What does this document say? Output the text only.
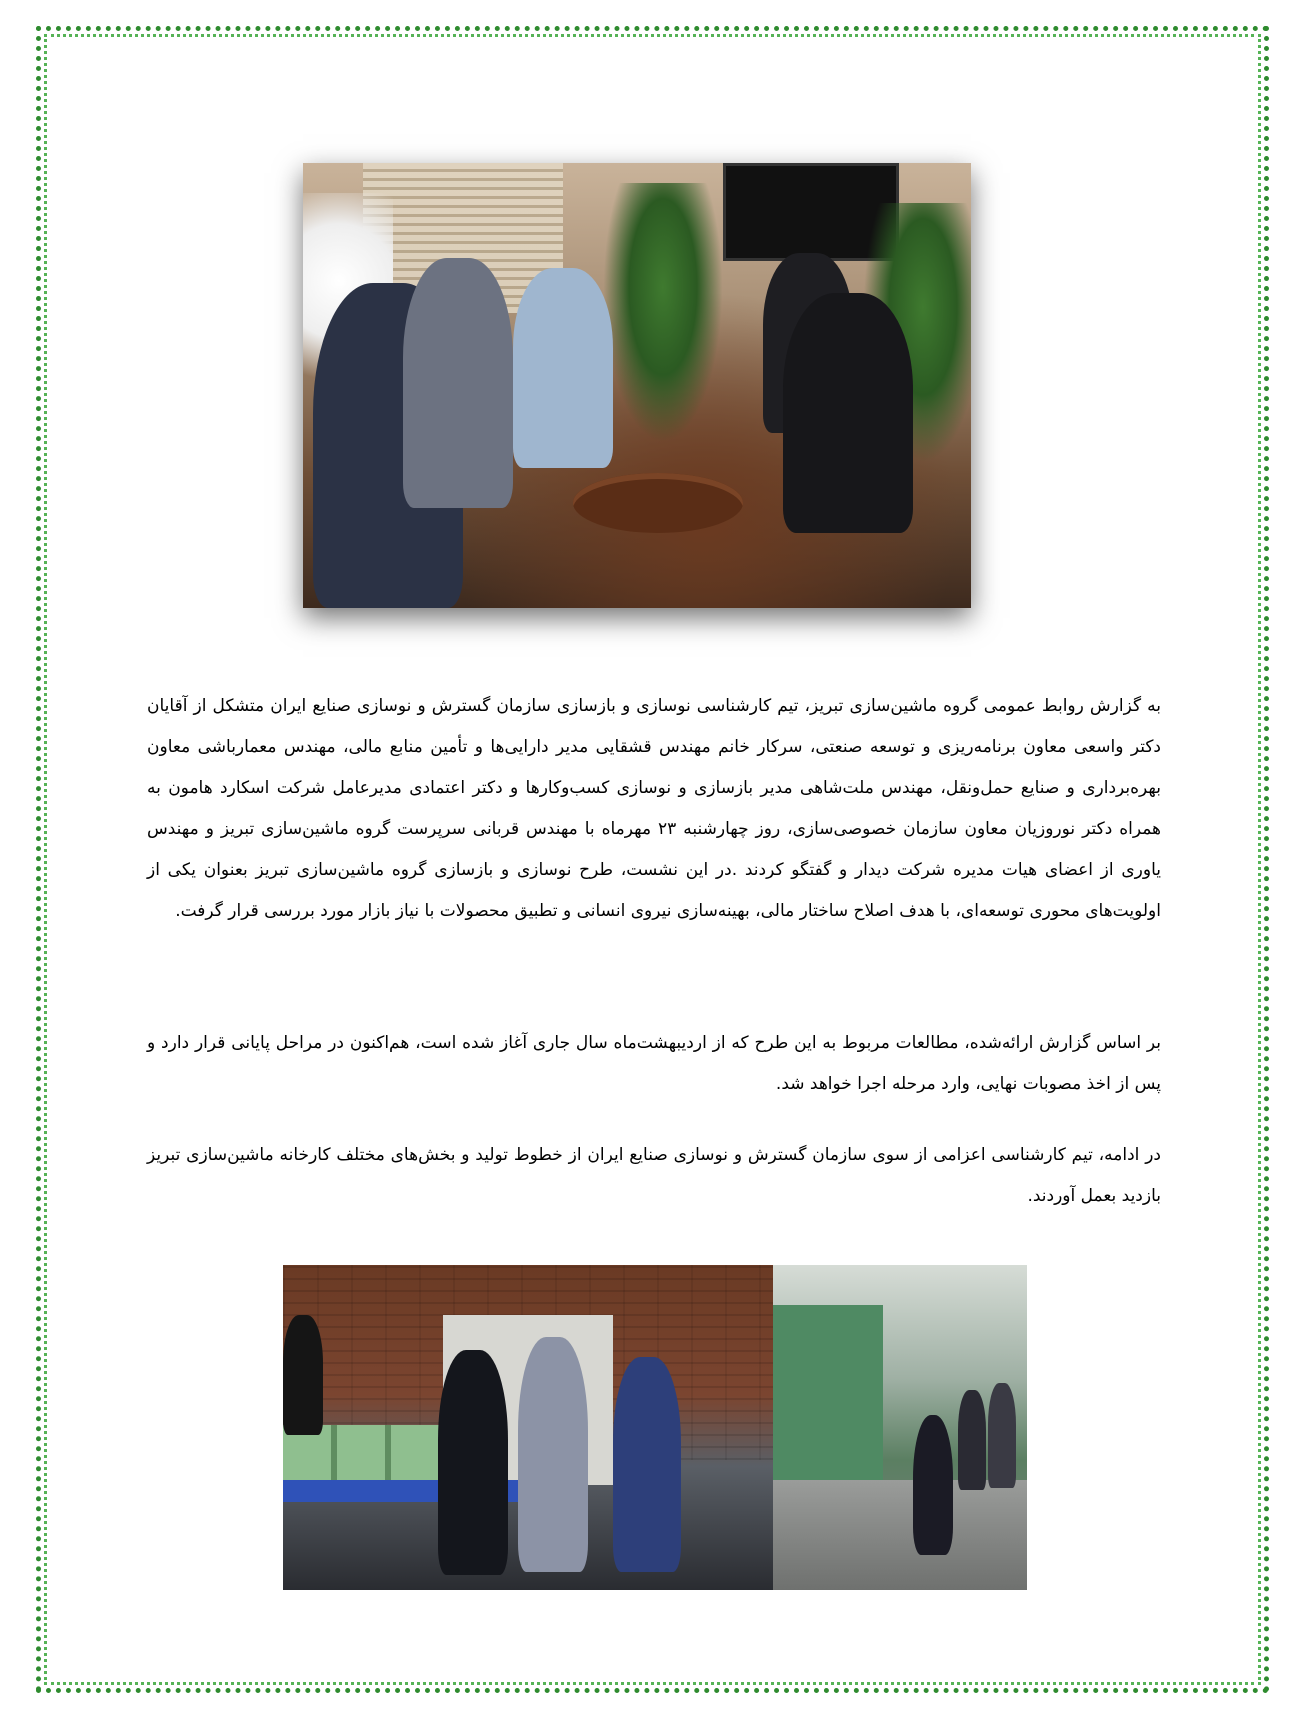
به گزارش روابط عمومی گروه ماشین‌سازی تبریز، تیم کارشناسی نوسازی و بازسازی سازمان گسترش و نوسازی صنایع ایران متشکل از آقایان دکتر واسعی معاون برنامه‌ریزی و توسعه صنعتی، سرکار خانم مهندس قشقایی مدیر دارایی‌ها و تأمین منابع مالی، مهندس معمارباشی معاون بهره‌برداری و صنایع حمل‌ونقل، مهندس ملت‌شاهی مدیر بازسازی و نوسازی کسب‌وکارها و دکتر اعتمادی مدیرعامل شرکت اسکارد هامون به همراه دکتر نوروزیان معاون سازمان خصوصی‌سازی، روز چهارشنبه ۲۳ مهرماه با مهندس قربانی سرپرست گروه ماشین‌سازی تبریز و مهندس یاوری از اعضای هیات مدیره شرکت دیدار و گفتگو کردند .در این نشست، طرح نوسازی و بازسازی گروه ماشین‌سازی تبریز بعنوان یکی از اولویت‌های محوری توسعه‌ای، با هدف اصلاح ساختار مالی، بهینه‌سازی نیروی انسانی و تطبیق محصولات با نیاز بازار مورد بررسی قرار گرفت.

بر اساس گزارش ارائه‌شده، مطالعات مربوط به این طرح که از اردیبهشت‌ماه سال جاری آغاز شده است، هم‌اکنون در مراحل پایانی قرار دارد و پس از اخذ مصوبات نهایی، وارد مرحله اجرا خواهد شد.

در ادامه، تیم کارشناسی اعزامی از سوی سازمان گسترش و نوسازی صنایع ایران از خطوط تولید و بخش‌های مختلف کارخانه ماشین‌سازی تبریز بازدید بعمل آوردند.
